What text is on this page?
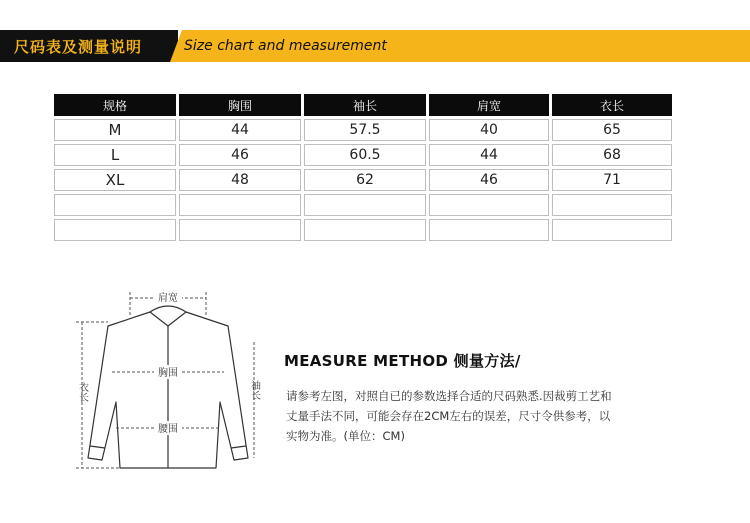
尺码表及测量说明	Size chart and measurement
规格	胸围	袖长	肩宽	衣长
M	44	57.5	40	65
L	46	60.5	44	68
XL	48	62	46	71

肩宽
胸围
腰围
衣长	袖长
MEASURE METHOD 侧量方法/

请参考左图，对照自已的参数选择合适的尺码熟悉.因裁剪工艺和

丈量手法不同，可能会存在2CM左右的误差，尺寸令供参考，以

实物为准。(单位：CM)
